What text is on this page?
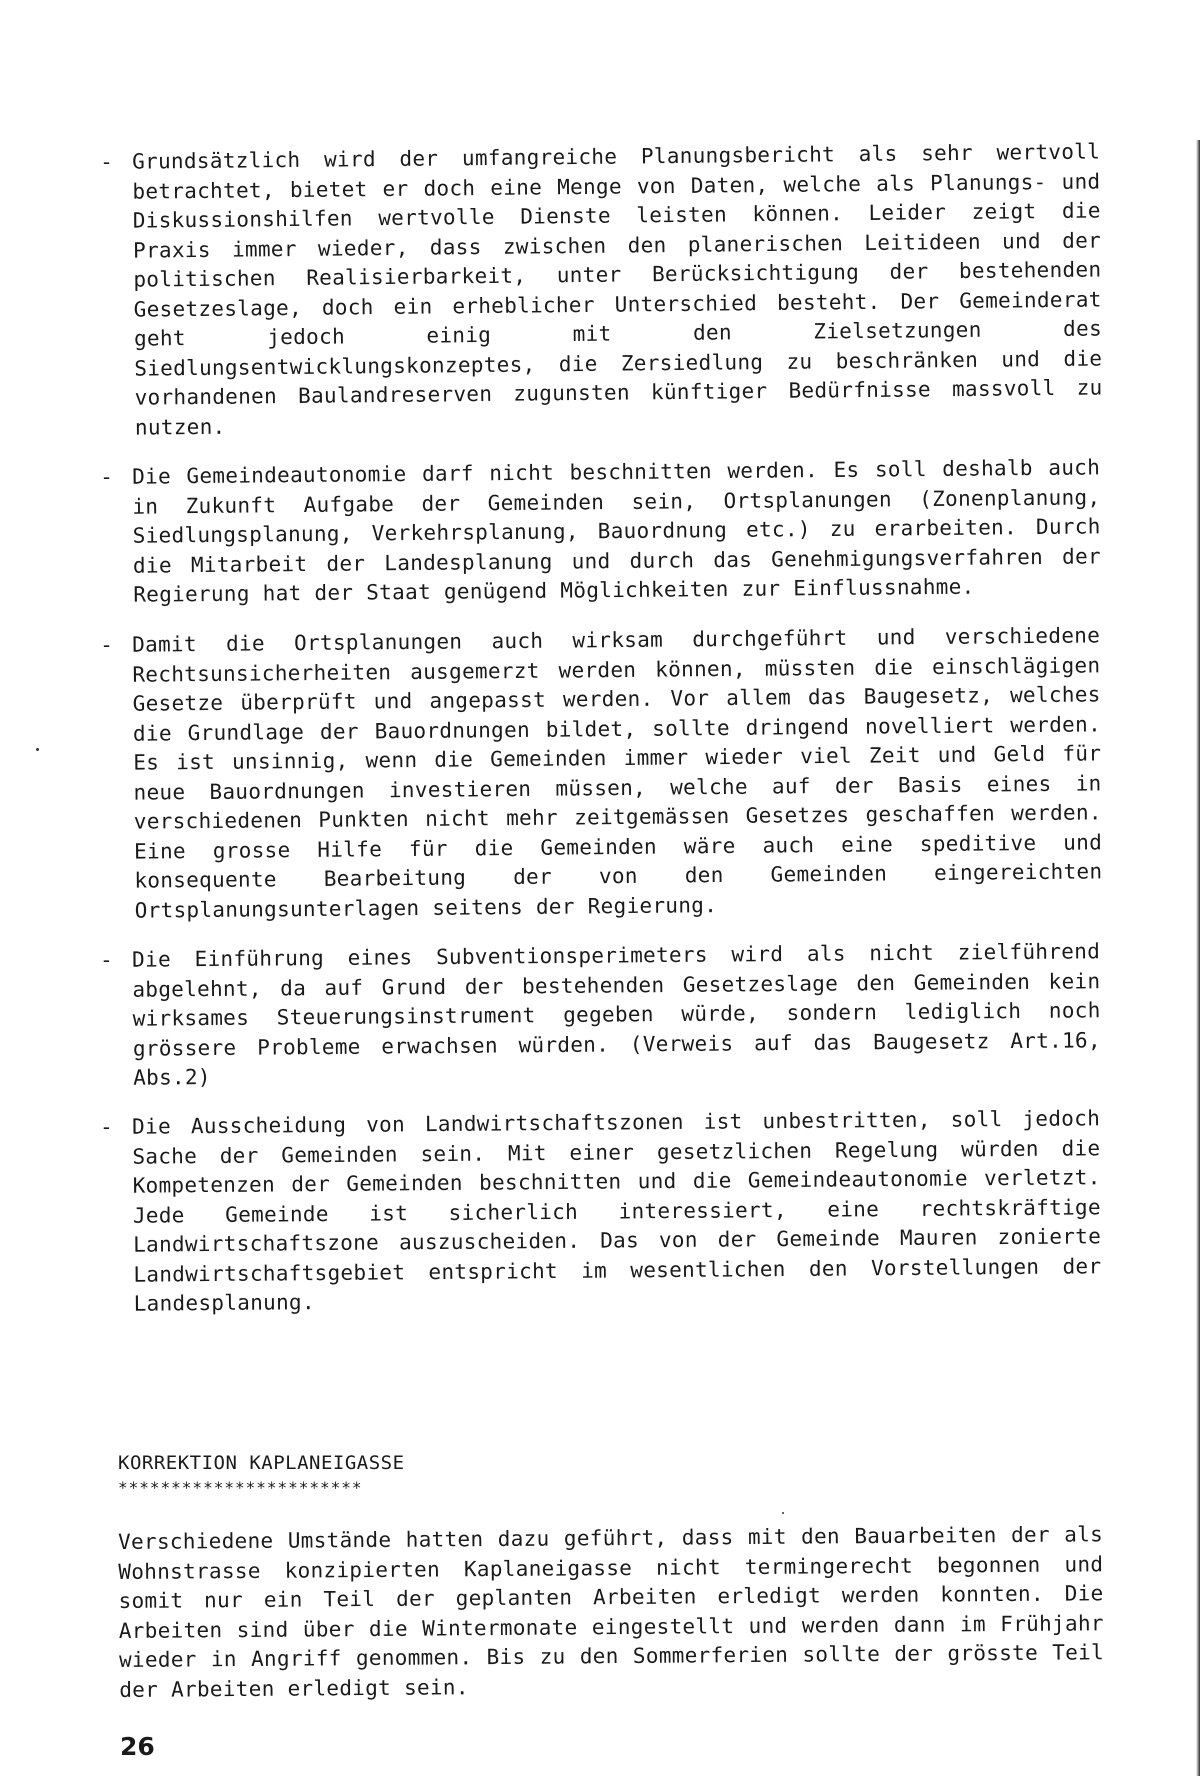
- Grundsätzlich wird der umfangreiche Planungsbericht als sehr wertvoll betrachtet, bietet er doch eine Menge von Daten, welche als Planungs- und Diskussionshilfen wertvolle Dienste leisten können. Leider zeigt die Praxis immer wieder, dass zwischen den planerischen Leitideen und der politischen Realisierbarkeit, unter Berücksichtigung der bestehenden Gesetzeslage, doch ein erheblicher Unterschied besteht. Der Gemeinderat geht jedoch einig mit den Zielsetzungen des Siedlungsentwicklungskonzeptes, die Zersiedlung zu beschränken und die vorhandenen Baulandreserven zugunsten künftiger Bedürfnisse massvoll zu nutzen.
- Die Gemeindeautonomie darf nicht beschnitten werden. Es soll deshalb auch in Zukunft Aufgabe der Gemeinden sein, Ortsplanungen (Zonenplanung, Siedlungsplanung, Verkehrsplanung, Bauordnung etc.) zu erarbeiten. Durch die Mitarbeit der Landesplanung und durch das Genehmigungsverfahren der Regierung hat der Staat genügend Möglichkeiten zur Einflussnahme.
- Damit die Ortsplanungen auch wirksam durchgeführt und verschiedene Rechtsunsicherheiten ausgemerzt werden können, müssten die einschlägigen Gesetze überprüft und angepasst werden. Vor allem das Baugesetz, welches die Grundlage der Bauordnungen bildet, sollte dringend novelliert werden. Es ist unsinnig, wenn die Gemeinden immer wieder viel Zeit und Geld für neue Bauordnungen investieren müssen, welche auf der Basis eines in verschiedenen Punkten nicht mehr zeitgemässen Gesetzes geschaffen werden. Eine grosse Hilfe für die Gemeinden wäre auch eine speditive und konsequente Bearbeitung der von den Gemeinden eingereichten Ortsplanungsunterlagen seitens der Regierung.
- Die Einführung eines Subventionsperimeters wird als nicht zielführend abgelehnt, da auf Grund der bestehenden Gesetzeslage den Gemeinden kein wirksames Steuerungsinstrument gegeben würde, sondern lediglich noch grössere Probleme erwachsen würden. (Verweis auf das Baugesetz Art.16, Abs.2)
- Die Ausscheidung von Landwirtschaftszonen ist unbestritten, soll jedoch Sache der Gemeinden sein. Mit einer gesetzlichen Regelung würden die Kompetenzen der Gemeinden beschnitten und die Gemeindeautonomie verletzt. Jede Gemeinde ist sicherlich interessiert, eine rechtskräftige Landwirtschaftszone auszuscheiden. Das von der Gemeinde Mauren zonierte Landwirtschaftsgebiet entspricht im wesentlichen den Vorstellungen der Landesplanung.
KORREKTION KAPLANEIGASSE
***********************
Verschiedene Umstände hatten dazu geführt, dass mit den Bauarbeiten der als Wohnstrasse konzipierten Kaplaneigasse nicht termingerecht begonnen und somit nur ein Teil der geplanten Arbeiten erledigt werden konnten. Die Arbeiten sind über die Wintermonate eingestellt und werden dann im Frühjahr wieder in Angriff genommen. Bis zu den Sommerferien sollte der grösste Teil der Arbeiten erledigt sein.
26
